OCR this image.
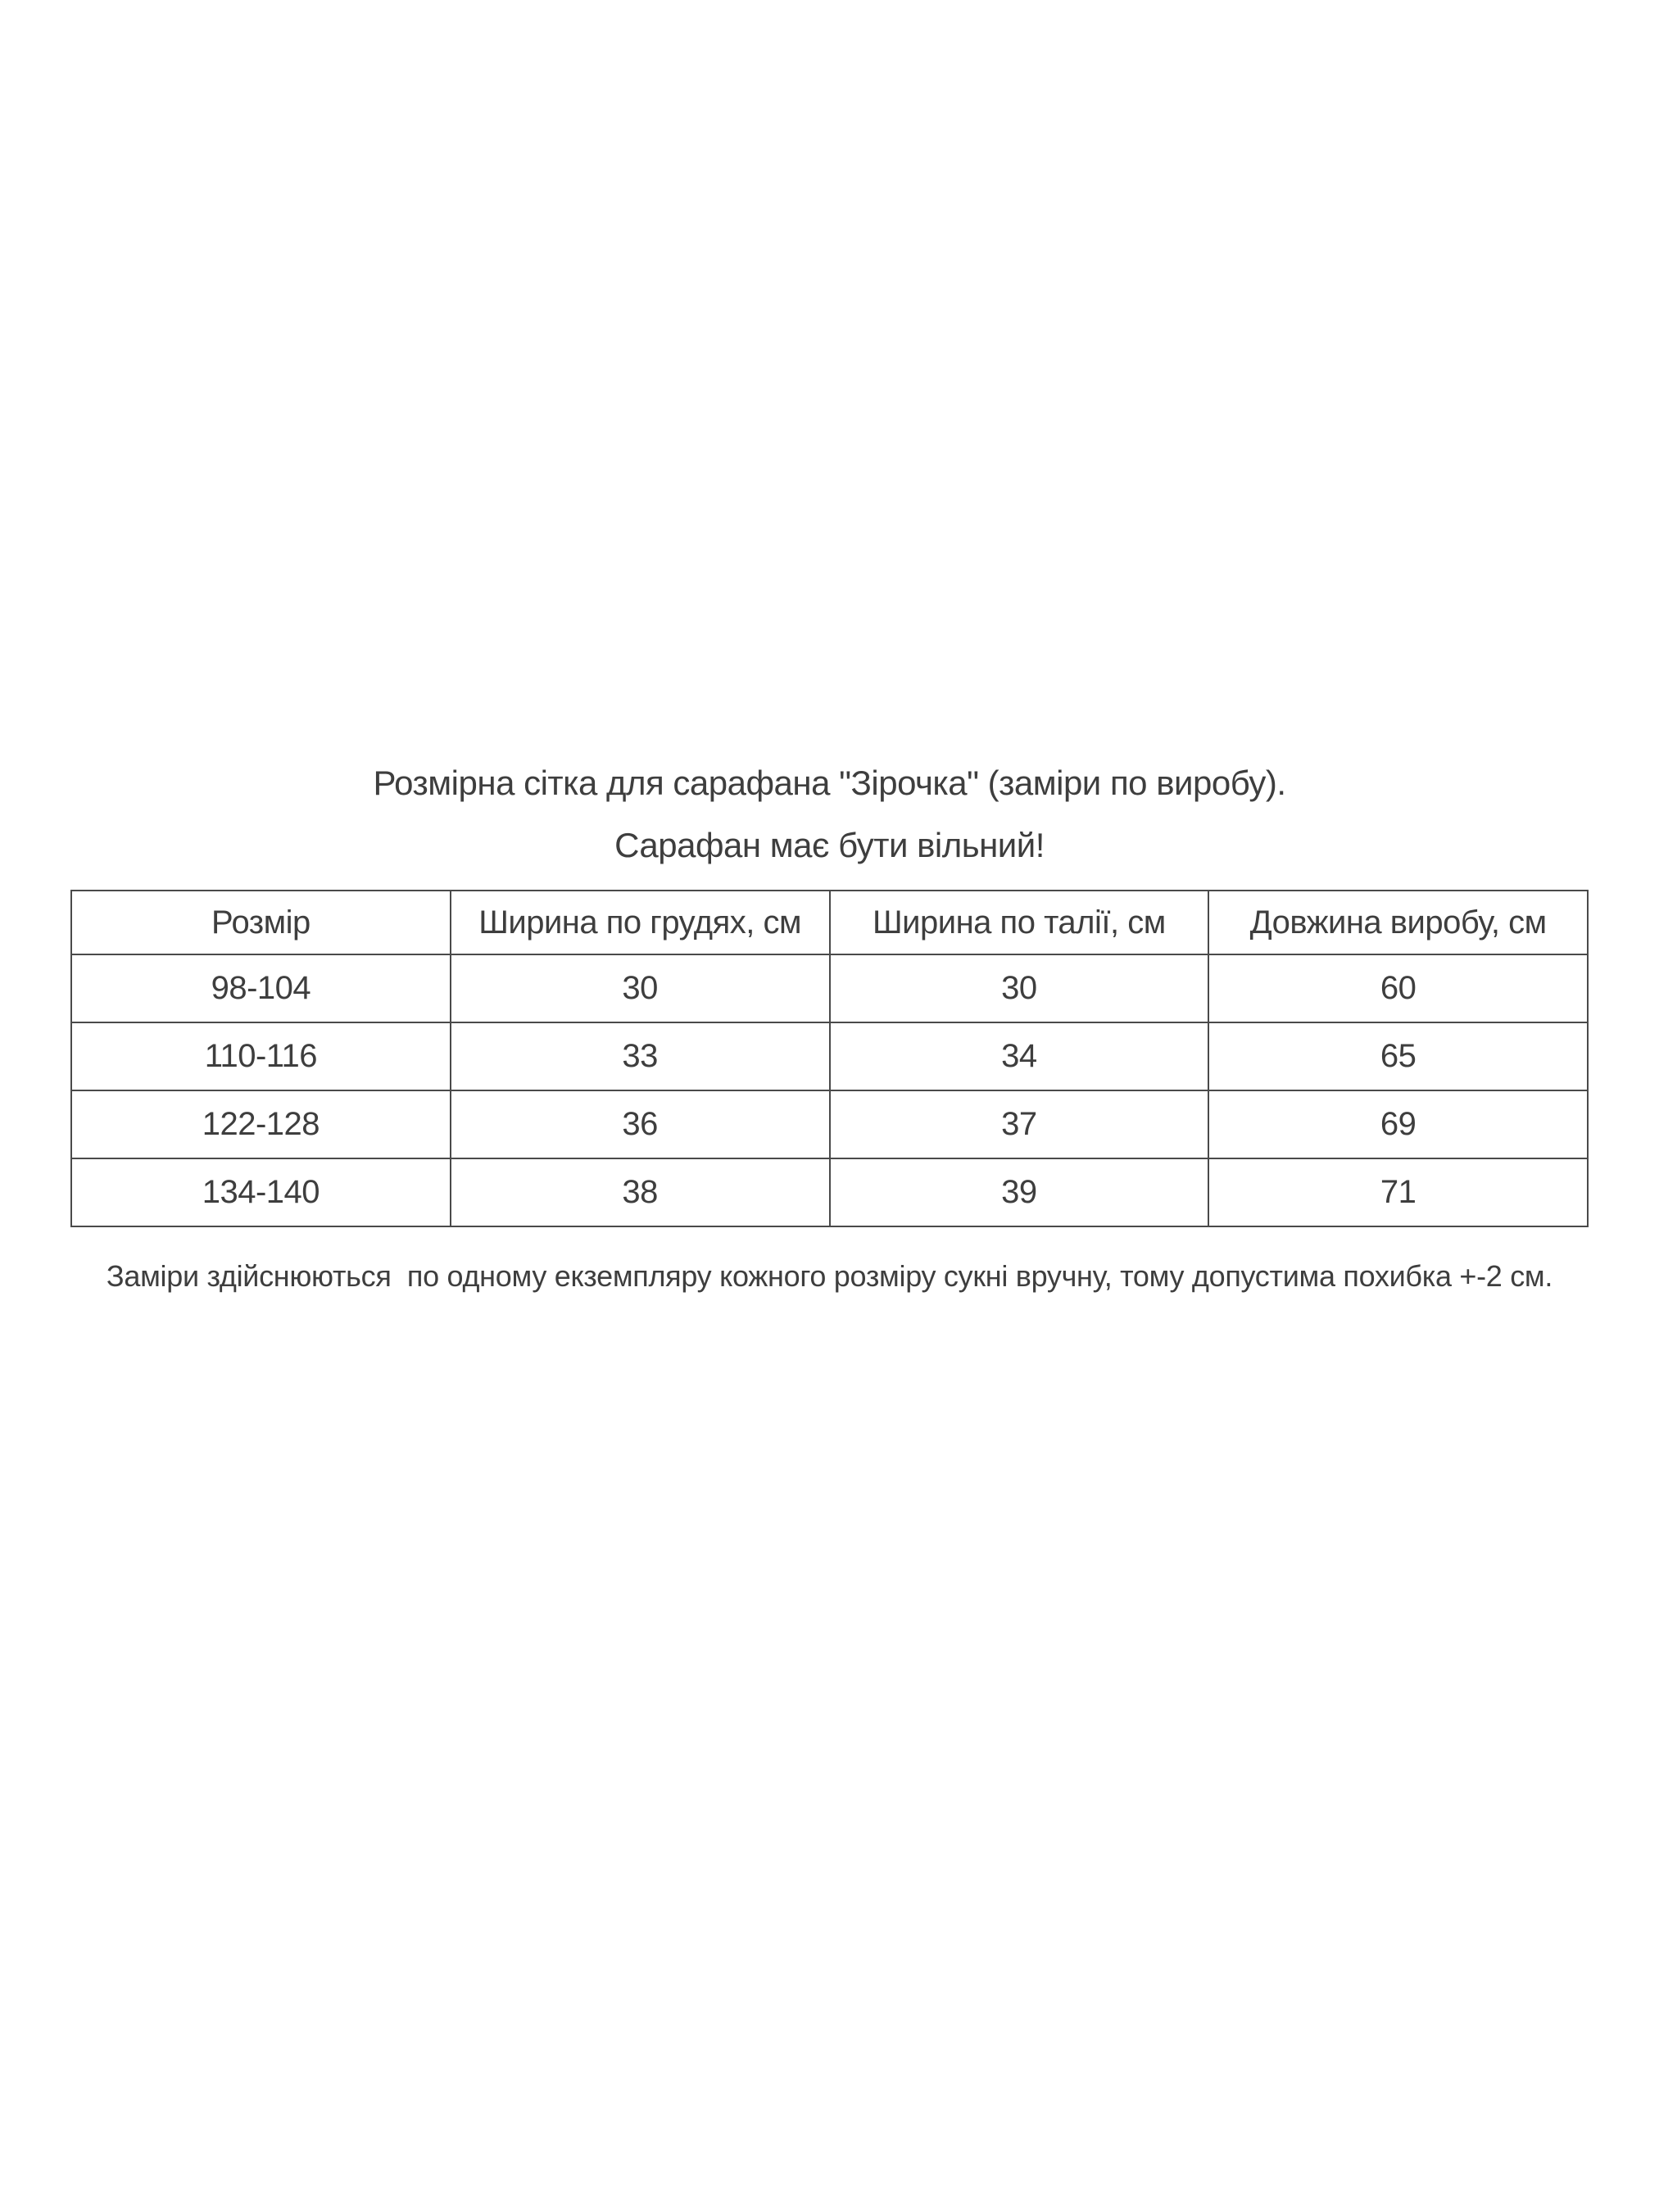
Розмірна сітка для сарафана "Зірочка" (заміри по виробу).
Сарафан має бути вільний!
Розмір	Ширина по грудях, см	Ширина по талії, см	Довжина виробу, см
98-104	30	30	60
110-116	33	34	65
122-128	36	37	69
134-140	38	39	71
Заміри здійснюються  по одному екземпляру кожного розміру сукні вручну, тому допустима похибка +-2 см.
